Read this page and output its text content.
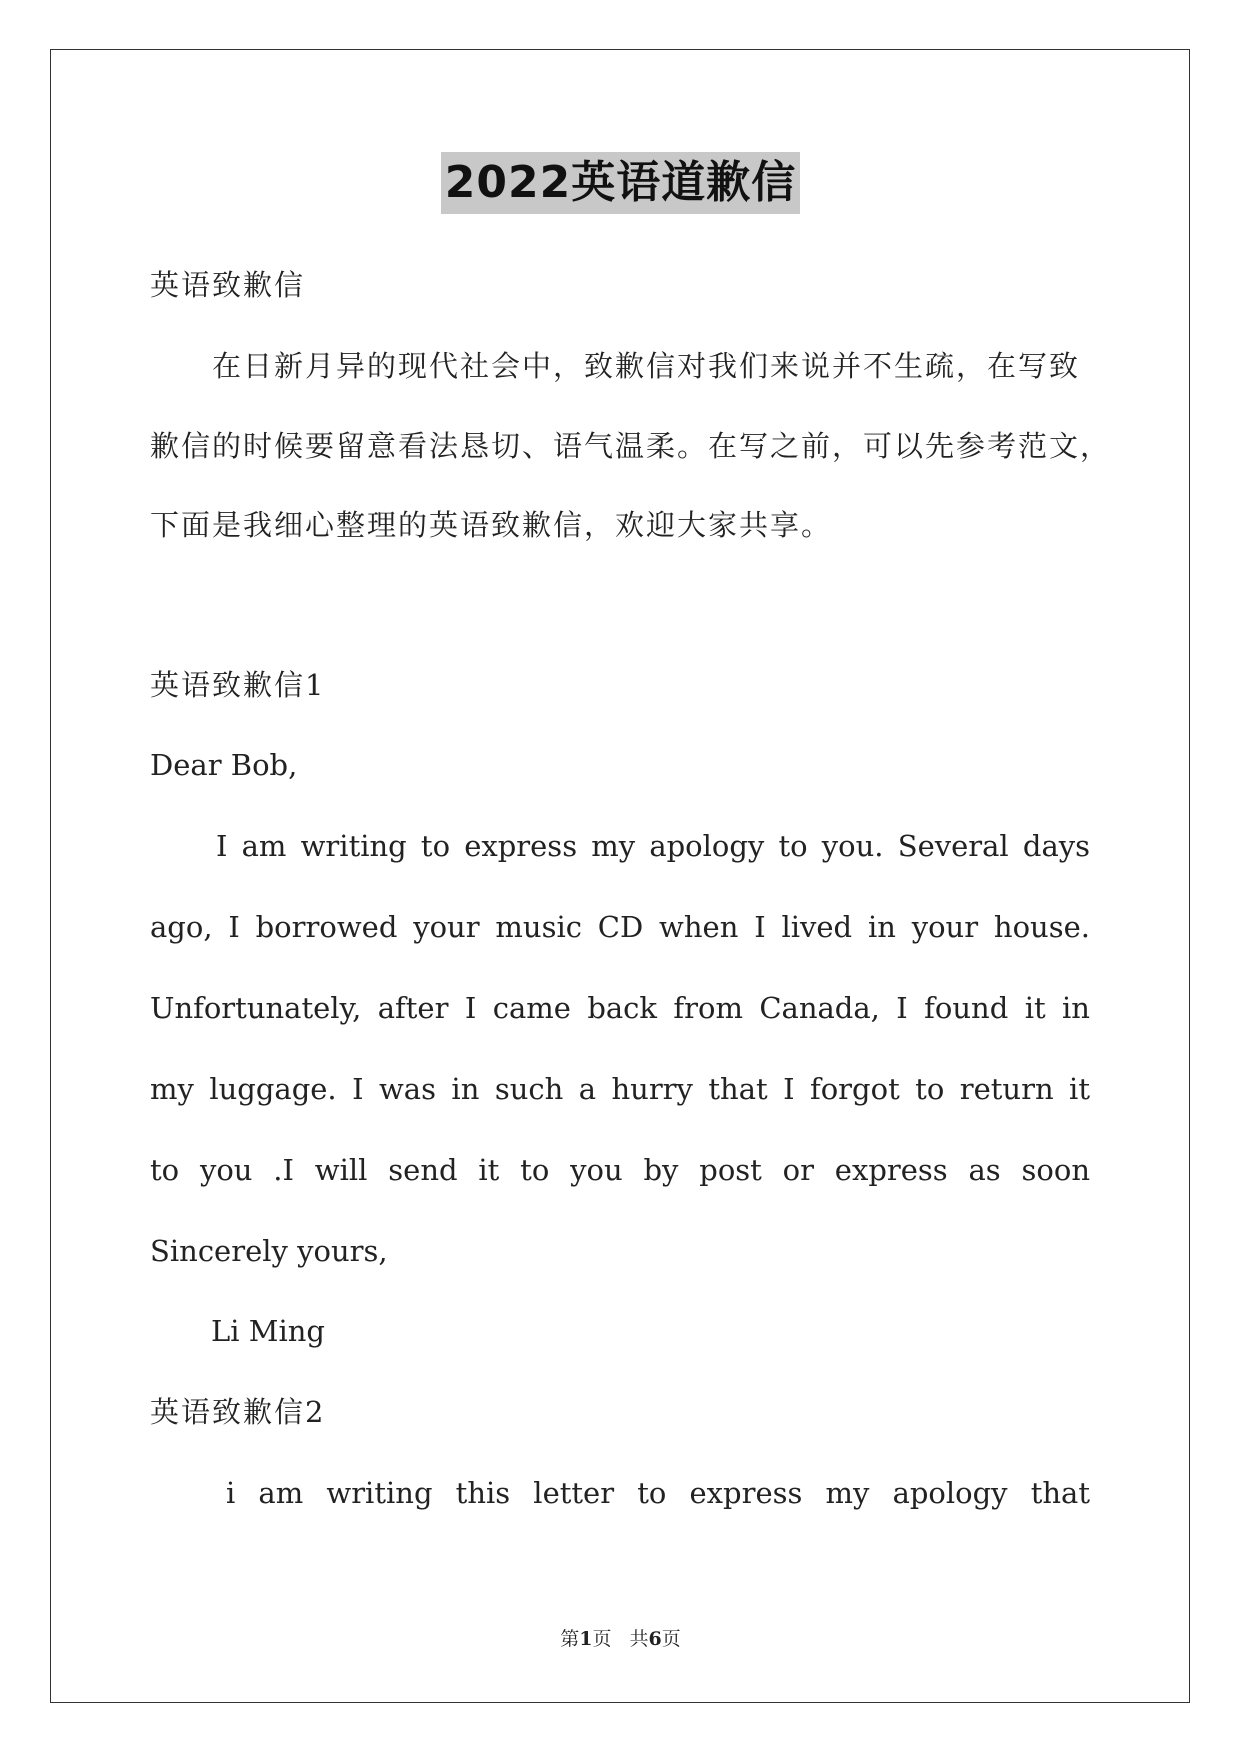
2022英语道歉信
英语致歉信
在日新月异的现代社会中，致歉信对我们来说并不生疏，在写致
歉信的时候要留意看法恳切、语气温柔。在写之前，可以先参考范文，
下面是我细心整理的英语致歉信，欢迎大家共享。
英语致歉信1
Dear Bob,
I am writing to express my apology to you. Several days
ago, I borrowed your music CD when I lived in your house.
Unfortunately, after I came back from Canada, I found it in
my luggage. I was in such a hurry that I forgot to return it
to you .I will send it to you by post or express as soon
Sincerely yours,
Li Ming
英语致歉信2
i am writing this letter to express my apology that
第1页 共6页
